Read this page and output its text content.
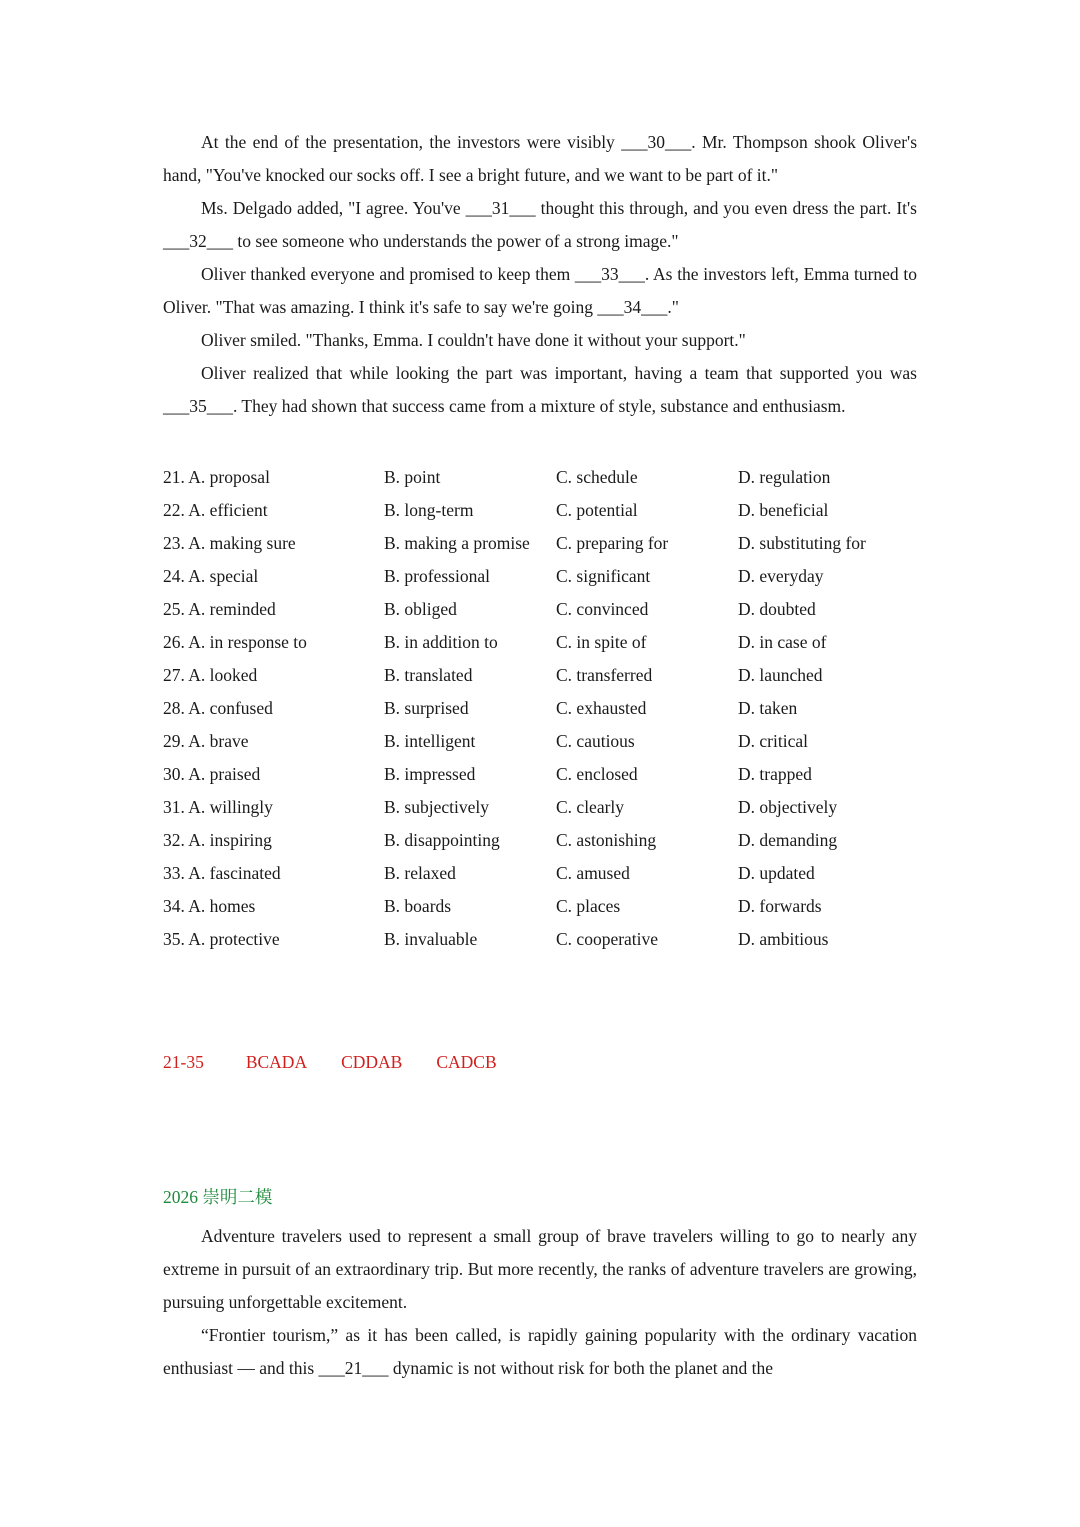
At the end of the presentation, the investors were visibly ___30___. Mr. Thompson shook Oliver's hand, "You've knocked our socks off. I see a bright future, and we want to be part of it."

Ms. Delgado added, "I agree. You've ___31___ thought this through, and you even dress the part. It's ___32___ to see someone who understands the power of a strong image."

Oliver thanked everyone and promised to keep them ___33___. As the investors left, Emma turned to Oliver. "That was amazing. I think it's safe to say we're going ___34___."

Oliver smiled. "Thanks, Emma. I couldn't have done it without your support."

Oliver realized that while looking the part was important, having a team that supported you was ___35___. They had shown that success came from a mixture of style, substance and enthusiasm.

21. A. proposal	B. point	C. schedule	D. regulation
22. A. efficient	B. long-term	C. potential	D. beneficial
23. A. making sure	B. making a promise	C. preparing for	D. substituting for
24. A. special	B. professional	C. significant	D. everyday
25. A. reminded	B. obliged	C. convinced	D. doubted
26. A. in response to	B. in addition to	C. in spite of	D. in case of
27. A. looked	B. translated	C. transferred	D. launched
28. A. confused	B. surprised	C. exhausted	D. taken
29. A. brave	B. intelligent	C. cautious	D. critical
30. A. praised	B. impressed	C. enclosed	D. trapped
31. A. willingly	B. subjectively	C. clearly	D. objectively
32. A. inspiring	B. disappointing	C. astonishing	D. demanding
33. A. fascinated	B. relaxed	C. amused	D. updated
34. A. homes	B. boards	C. places	D. forwards
35. A. protective	B. invaluable	C. cooperative	D. ambitious
21-35 BCADA CDDAB CADCB
2026 崇明二模

Adventure travelers used to represent a small group of brave travelers willing to go to nearly any extreme in pursuit of an extraordinary trip. But more recently, the ranks of adventure travelers are growing, pursuing unforgettable excitement.

“Frontier tourism,” as it has been called, is rapidly gaining popularity with the ordinary vacation enthusiast — and this ___21___ dynamic is not without risk for both the planet and the
